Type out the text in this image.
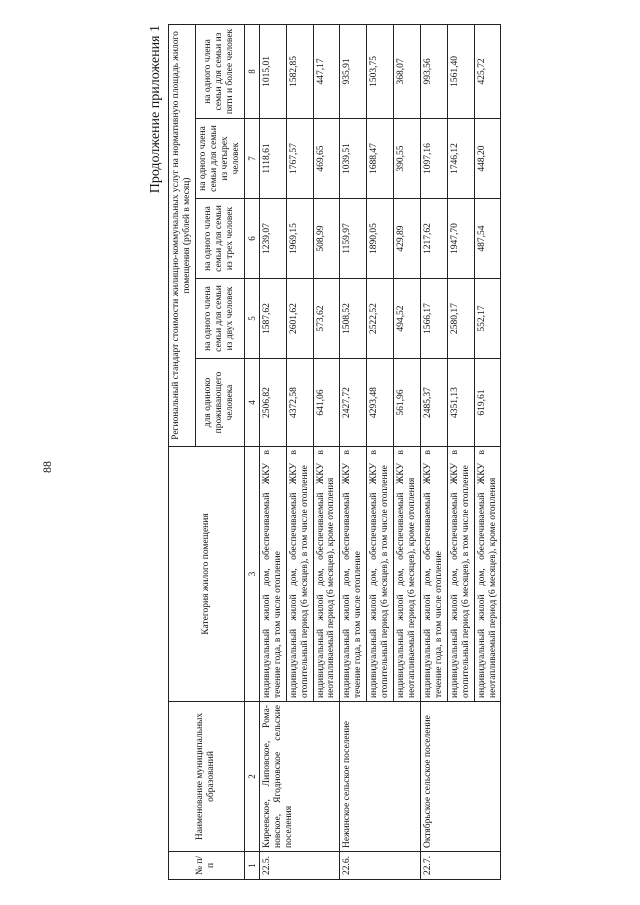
88
Продолжение приложения 1
№ п/п	Наименование муниципальных образований	Категория жилого помещения	Региональный стандарт стоимости жилищно-коммунальных услуг на нормативную площадь жилого помещения (рублей в месяц)				
			для одиноко проживающего человека	на одного члена семьи для семьи из двух человек	на одного члена семьи для семьи из трех человек	на одного члена семьи для семьи из четырех человек	на одного члена семьи для семьи из пяти и более человек
1	2	3	4	5	6	7	8
22.5.	Киреевское, Липовское, Рома-новское, Ягодновское сельские поселения	индивидуальный жилой дом, обеспечиваемый ЖКУ в течение года, в том числе отопление	2506,82	1587,62	1239,07	1118,61	1015,01
		индивидуальный жилой дом, обеспечиваемый ЖКУ в отопительный период (6 месяцев), в том числе отопление	4372,58	2601,62	1969,15	1767,57	1582,85
		индивидуальный жилой дом, обеспечиваемый ЖКУ в неотапливаемый период (6 месяцев), кроме отопления	641,06	573,62	508,99	469,65	447,17
22.6.	Нежинское сельское поселение	индивидуальный жилой дом, обеспечиваемый ЖКУ в течение года, в том числе отопление	2427,72	1508,52	1159,97	1039,51	935,91
		индивидуальный жилой дом, обеспечиваемый ЖКУ в отопительный период (6 месяцев), в том числе отопление	4293,48	2522,52	1890,05	1688,47	1503,75
		индивидуальный жилой дом, обеспечиваемый ЖКУ в неотапливаемый период (6 месяцев), кроме отопления	561,96	494,52	429,89	390,55	368,07
22.7.	Октябрьское сельское поселение	индивидуальный жилой дом, обеспечиваемый ЖКУ в течение года, в том числе отопление	2485,37	1566,17	1217,62	1097,16	993,56
		индивидуальный жилой дом, обеспечиваемый ЖКУ в отопительный период (6 месяцев), в том числе отопление	4351,13	2580,17	1947,70	1746,12	1561,40
		индивидуальный жилой дом, обеспечиваемый ЖКУ в неотапливаемый период (6 месяцев), кроме отопления	619,61	552,17	487,54	448,20	425,72
